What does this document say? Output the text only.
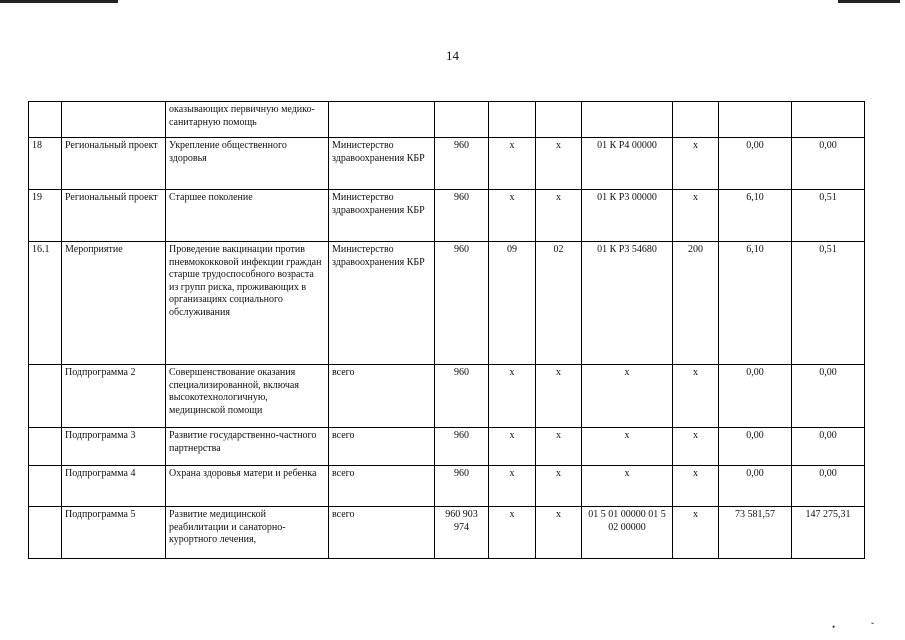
14
		оказывающих первичную медико-санитарную помощь								
18	Региональный проект	Укрепление общественного здоровья	Министерство здравоохранения КБР	960	x	x	01 К Р4 00000	x	0,00	0,00
19	Региональный проект	Старшее поколение	Министерство здравоохранения КБР	960	x	x	01 К Р3 00000	x	6,10	0,51
16.1	Мероприятие	Проведение вакцинации против пневмококковой инфекции граждан старше трудоспособного возраста из групп риска, проживающих в организациях социального обслуживания	Министерство здравоохранения КБР	960	09	02	01 К Р3 54680	200	6,10	0,51
	Подпрограмма 2	Совершенствование оказания специализированной, включая высокотехнологичную, медицинской помощи	всего	960	x	x	x	x	0,00	0,00
	Подпрограмма 3	Развитие государственно-частного партнерства	всего	960	x	x	x	x	0,00	0,00
	Подпрограмма 4	Охрана здоровья матери и ребенка	всего	960	x	x	x	x	0,00	0,00
	Подпрограмма 5	Развитие медицинской реабилитации и санаторно-курортного лечения,	всего	960 903 974	x	x	01 5 01 00000 01 5 02 00000	x	73 581,57	147 275,31
•	ˇ
